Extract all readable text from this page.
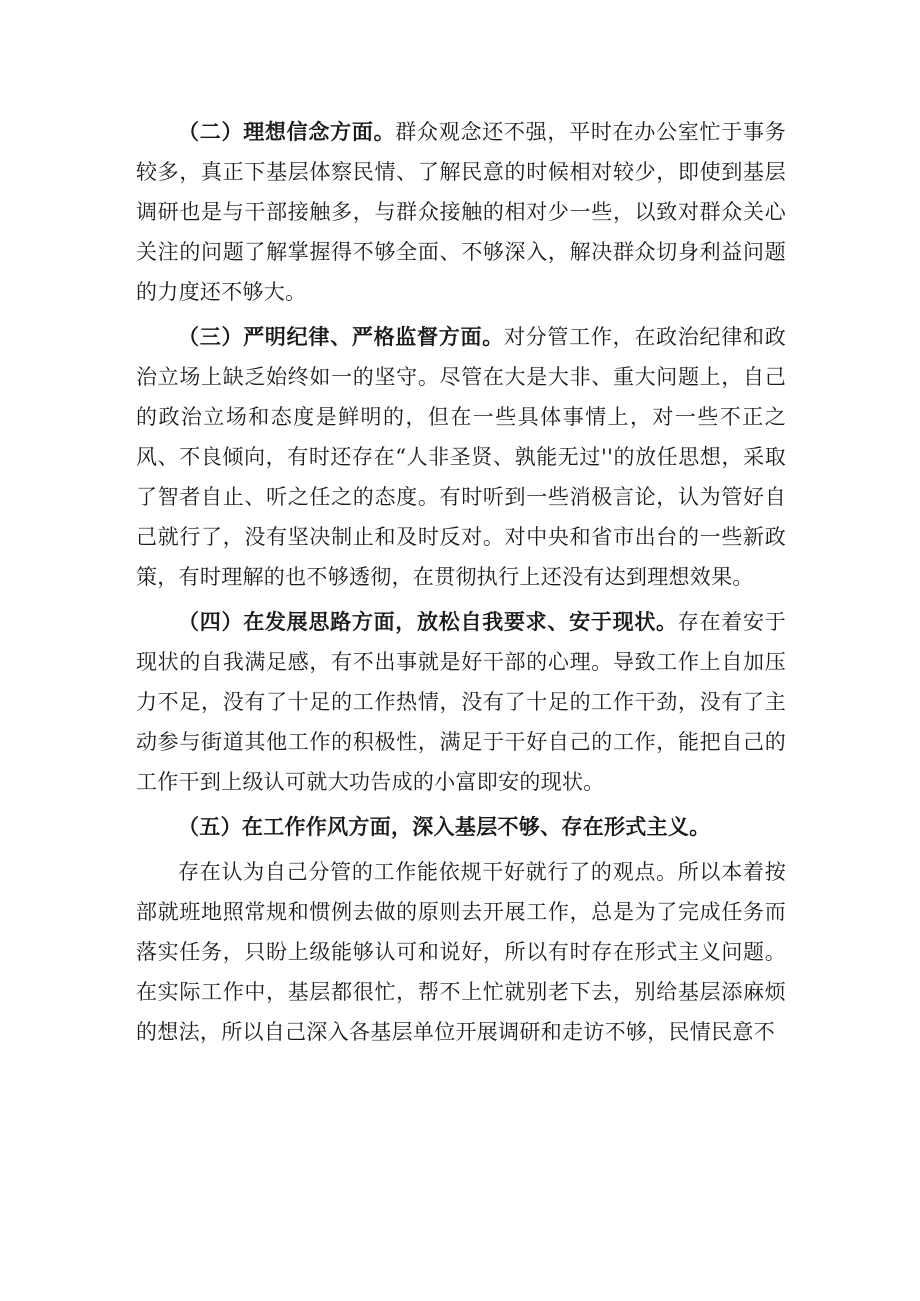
（二）理想信念方面。群众观念还不强，平时在办公室忙于事务较多，真正下基层体察民情、了解民意的时候相对较少，即使到基层调研也是与干部接触多，与群众接触的相对少一些，以致对群众关心关注的问题了解掌握得不够全面、不够深入，解决群众切身利益问题的力度还不够大。

（三）严明纪律、严格监督方面。对分管工作，在政治纪律和政治立场上缺乏始终如一的坚守。尽管在大是大非、重大问题上，自己的政治立场和态度是鲜明的，但在一些具体事情上，对一些不正之风、不良倾向，有时还存在“人非圣贤、孰能无过''的放任思想，采取了智者自止、听之任之的态度。有时听到一些消极言论，认为管好自己就行了，没有坚决制止和及时反对。对中央和省市出台的一些新政策，有时理解的也不够透彻，在贯彻执行上还没有达到理想效果。

（四）在发展思路方面，放松自我要求、安于现状。存在着安于现状的自我满足感，有不出事就是好干部的心理。导致工作上自加压力不足，没有了十足的工作热情，没有了十足的工作干劲，没有了主动参与街道其他工作的积极性，满足于干好自己的工作，能把自己的工作干到上级认可就大功告成的小富即安的现状。

（五）在工作作风方面，深入基层不够、存在形式主义。

存在认为自己分管的工作能依规干好就行了的观点。所以本着按部就班地照常规和惯例去做的原则去开展工作，总是为了完成任务而落实任务，只盼上级能够认可和说好，所以有时存在形式主义问题。在实际工作中，基层都很忙，帮不上忙就别老下去，别给基层添麻烦的想法，所以自己深入各基层单位开展调研和走访不够，民情民意不
